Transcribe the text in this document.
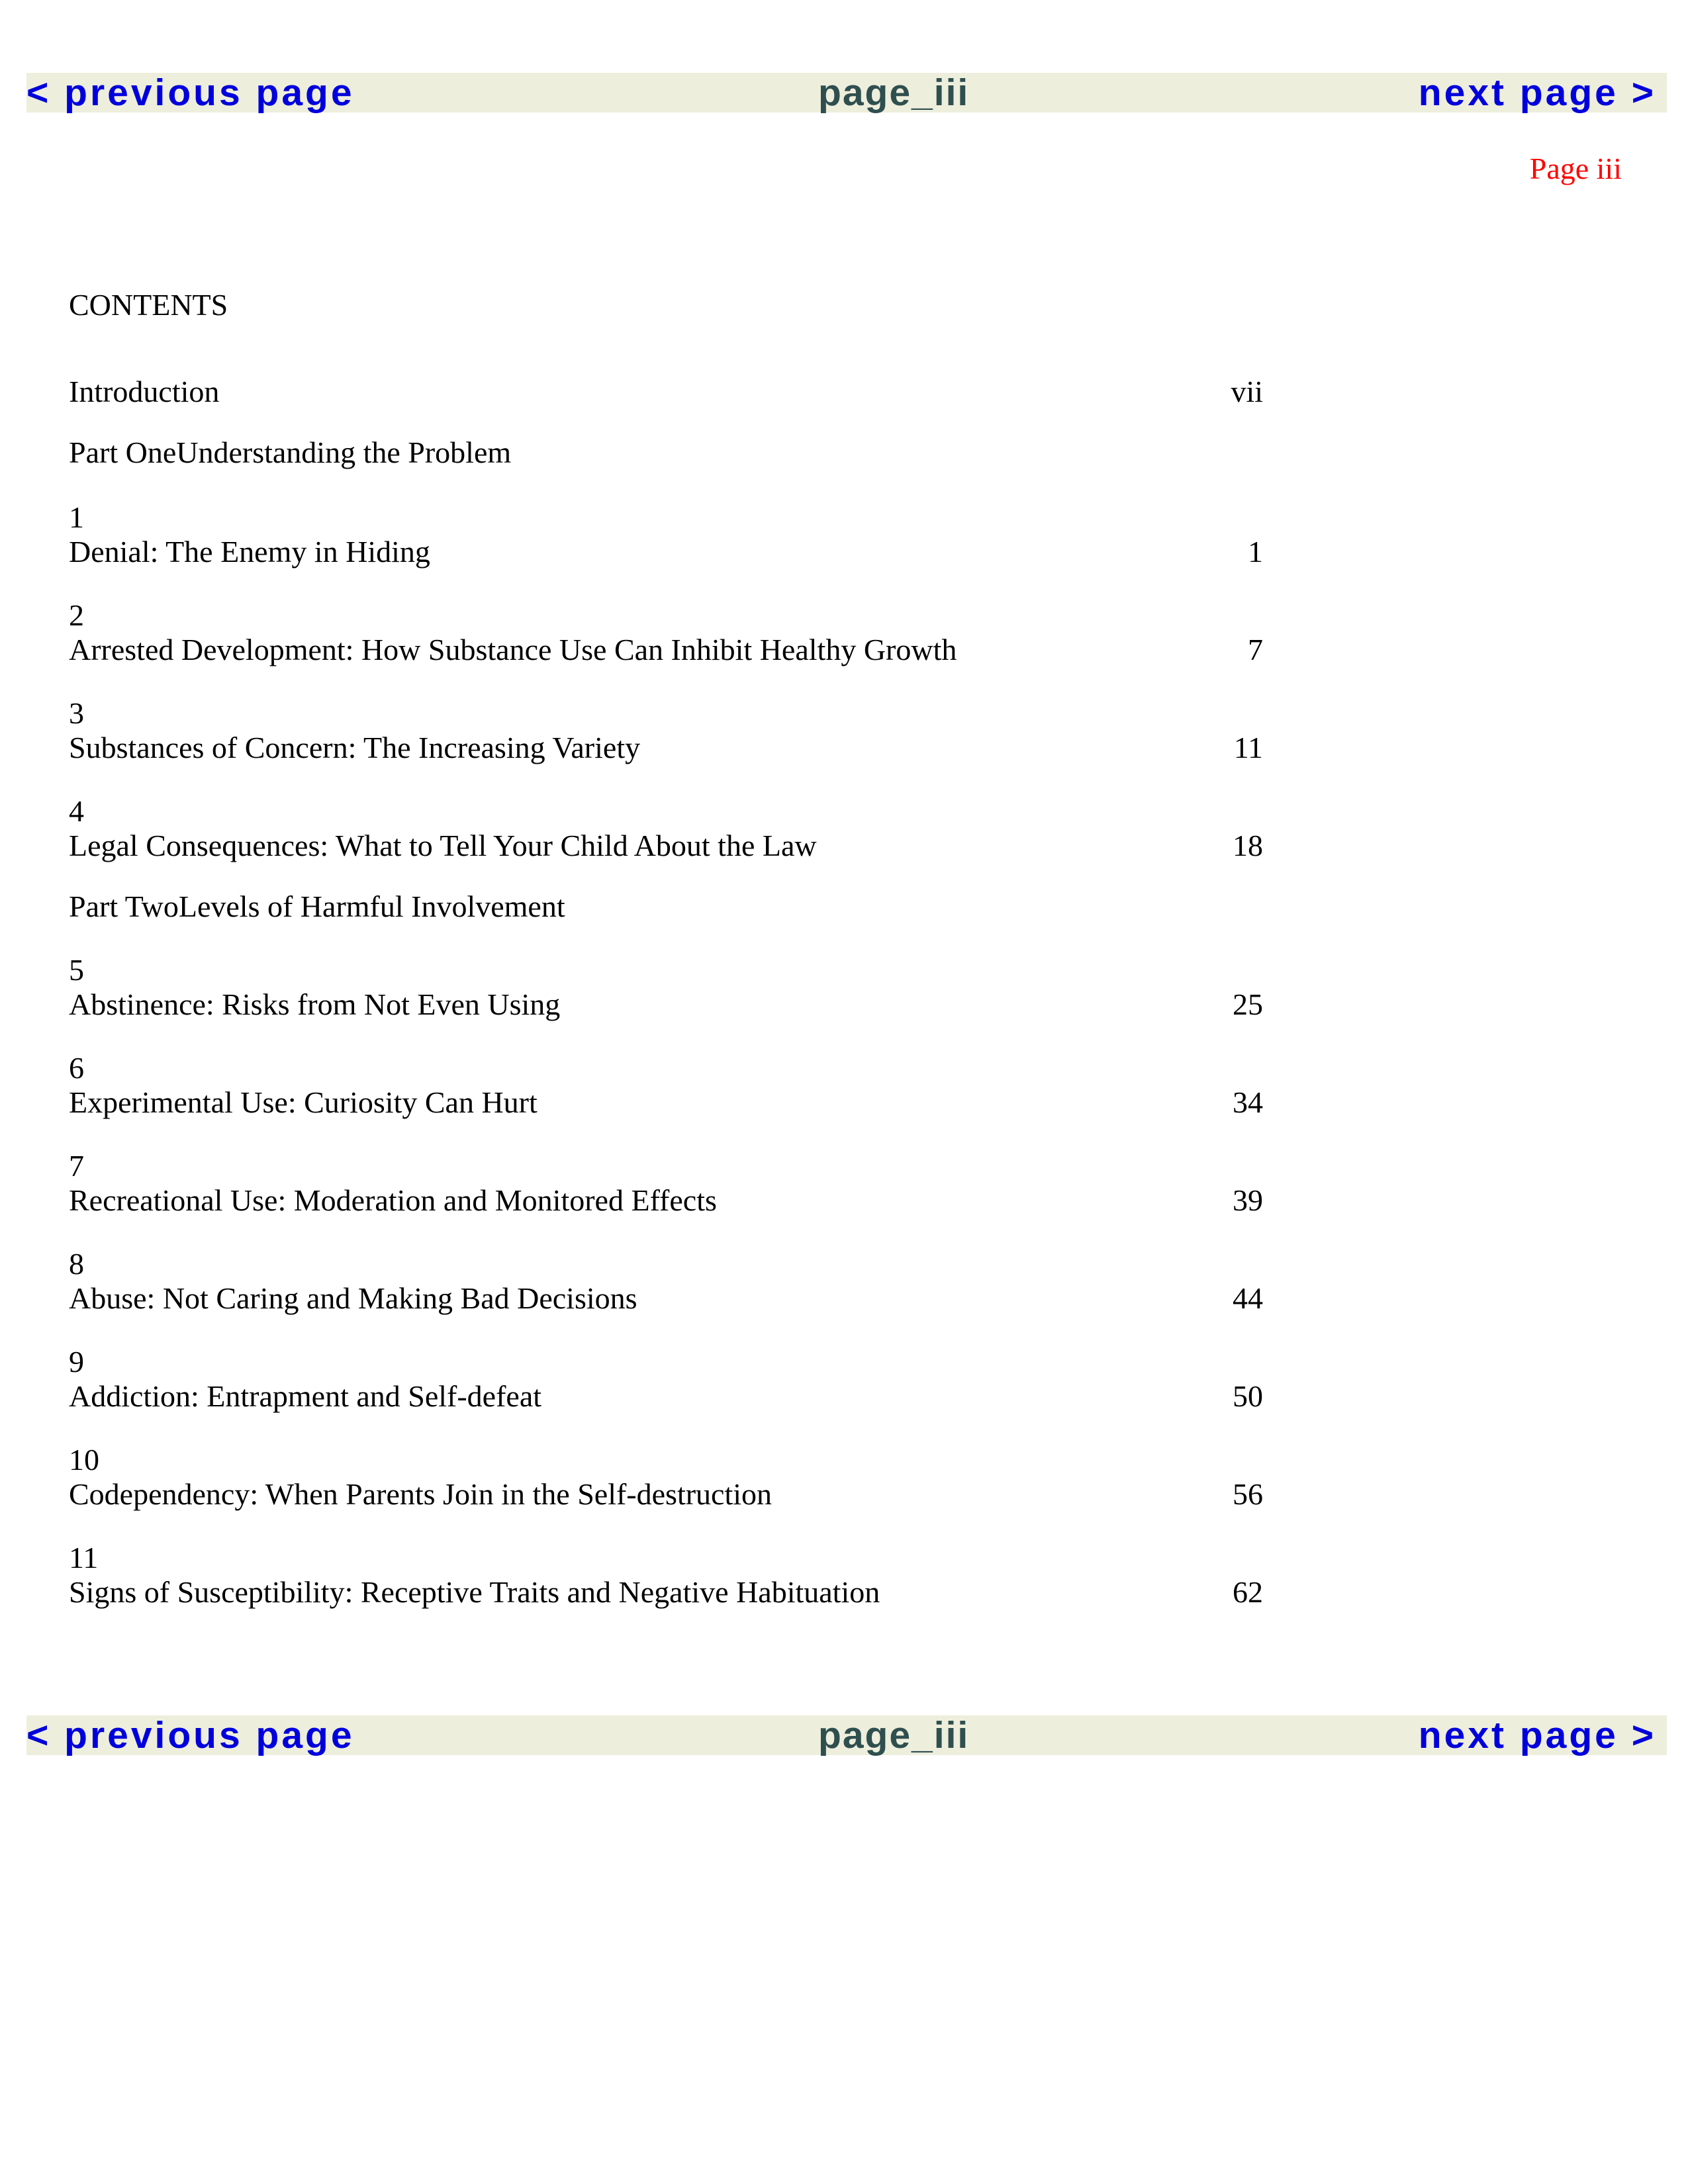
< previous page	page_iii	next page >
Page iii
CONTENTS
Introduction	vii
Part OneUnderstanding the Problem
1
Denial: The Enemy in Hiding	1
2
Arrested Development: How Substance Use Can Inhibit Healthy Growth	7
3
Substances of Concern: The Increasing Variety	11
4
Legal Consequences: What to Tell Your Child About the Law	18
Part TwoLevels of Harmful Involvement
5
Abstinence: Risks from Not Even Using	25
6
Experimental Use: Curiosity Can Hurt	34
7
Recreational Use: Moderation and Monitored Effects	39
8
Abuse: Not Caring and Making Bad Decisions	44
9
Addiction: Entrapment and Self-defeat	50
10
Codependency: When Parents Join in the Self-destruction	56
11
Signs of Susceptibility: Receptive Traits and Negative Habituation	62
< previous page	page_iii	next page >
